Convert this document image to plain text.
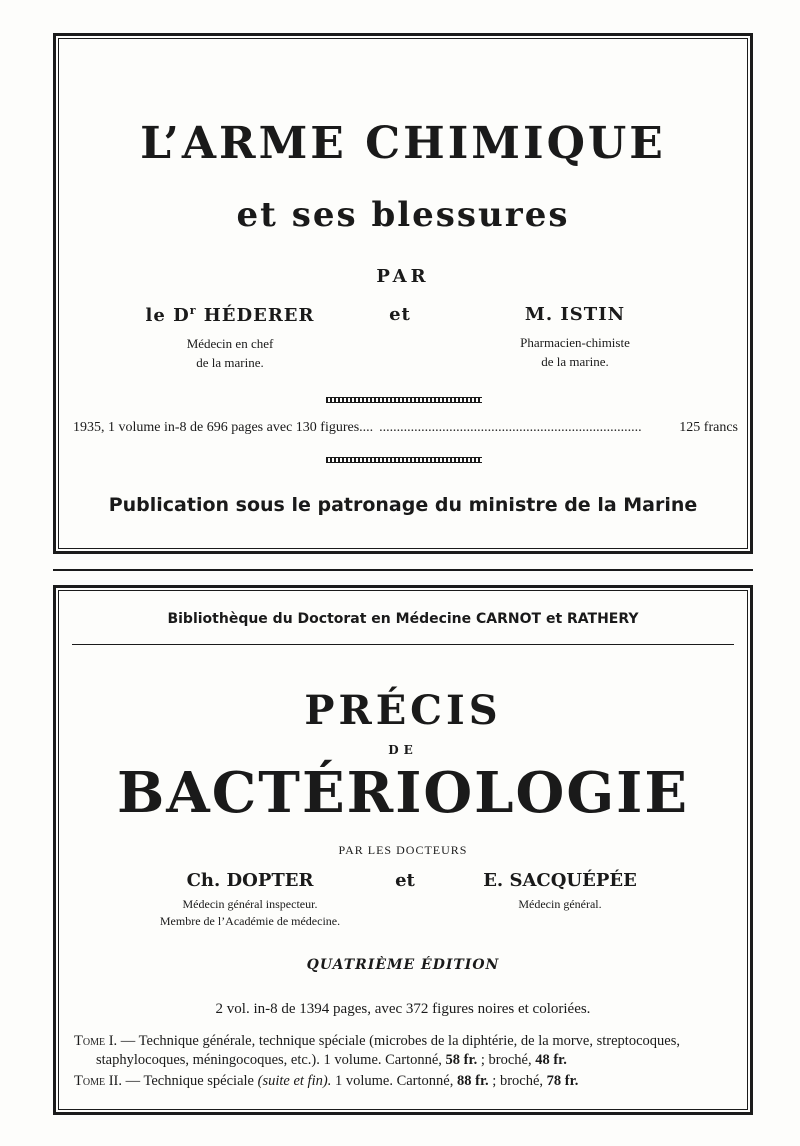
L’ARME CHIMIQUE
et ses blessures
PAR
le $D^r$ HÉDERER
Médecin en chef
de la marine.
et	M. ISTIN
Pharmacien-chimiste
de la marine.
1935, 1 volume in-8 de 696 pages avec 130 figures.... ...........................................................................	125 francs
Publication sous le patronage du ministre de la Marine
Bibliothèque du Doctorat en Médecine CARNOT et RATHERY
PRÉCIS
DE
BACTÉRIOLOGIE
PAR LES DOCTEURS
Ch. DOPTER
Médecin général inspecteur.
Membre de l’Académie de médecine.
et	E. SACQUÉPÉE
Médecin général.
QUATRIÈME ÉDITION
2 vol. in-8 de 1394 pages, avec 372 figures noires et coloriées.
Tome I. — Technique générale, technique spéciale (microbes de la diphtérie, de la morve, streptocoques,
staphylocoques, méningocoques, etc.). 1 volume. Cartonné, 58 fr. ; broché, 48 fr.
Tome II. — Technique spéciale (suite et fin). 1 volume. Cartonné, 88 fr. ; broché, 78 fr.
